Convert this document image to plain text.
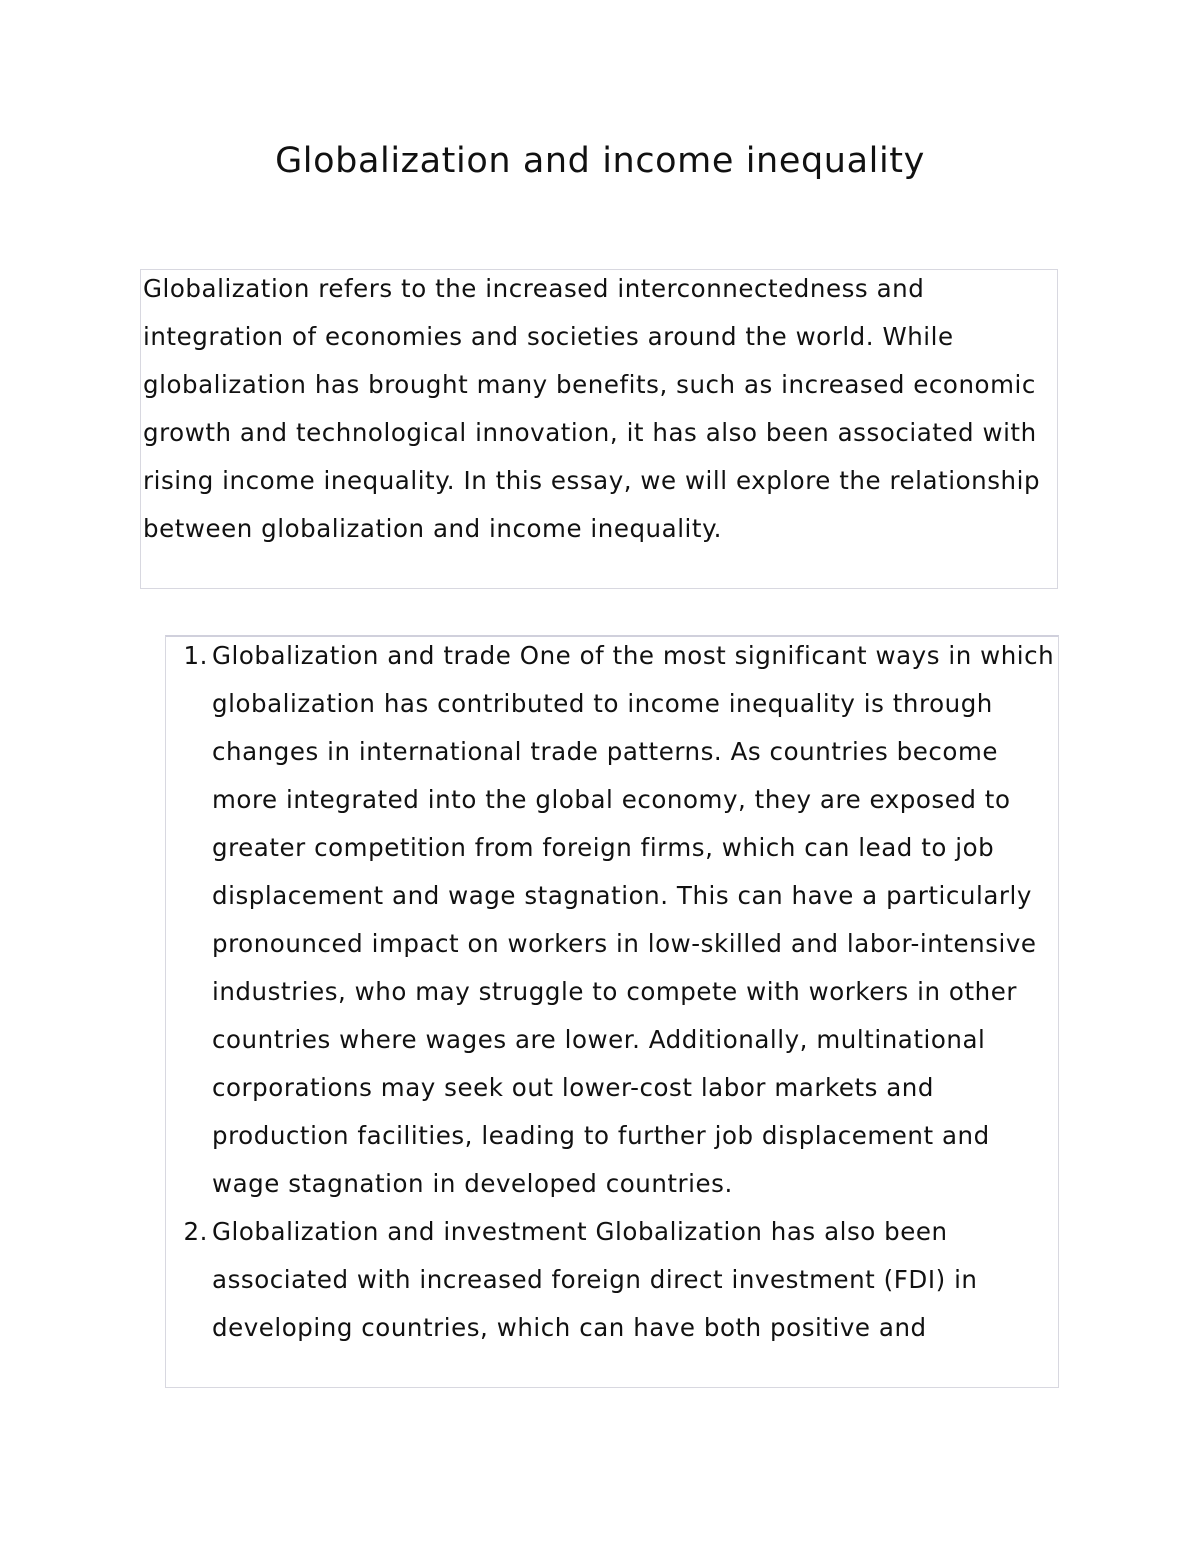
Globalization and income inequality

Globalization refers to the increased interconnectedness and integration of economies and societies around the world. While globalization has brought many benefits, such as increased economic growth and technological innovation, it has also been associated with rising income inequality. In this essay, we will explore the relationship between globalization and income inequality.

1. Globalization and trade One of the most significant ways in which globalization has contributed to income inequality is through changes in international trade patterns. As countries become more integrated into the global economy, they are exposed to greater competition from foreign firms, which can lead to job displacement and wage stagnation. This can have a particularly pronounced impact on workers in low-skilled and labor-intensive industries, who may struggle to compete with workers in other countries where wages are lower. Additionally, multinational corporations may seek out lower-cost labor markets and production facilities, leading to further job displacement and wage stagnation in developed countries.
2. Globalization and investment Globalization has also been associated with increased foreign direct investment (FDI) in developing countries, which can have both positive and
